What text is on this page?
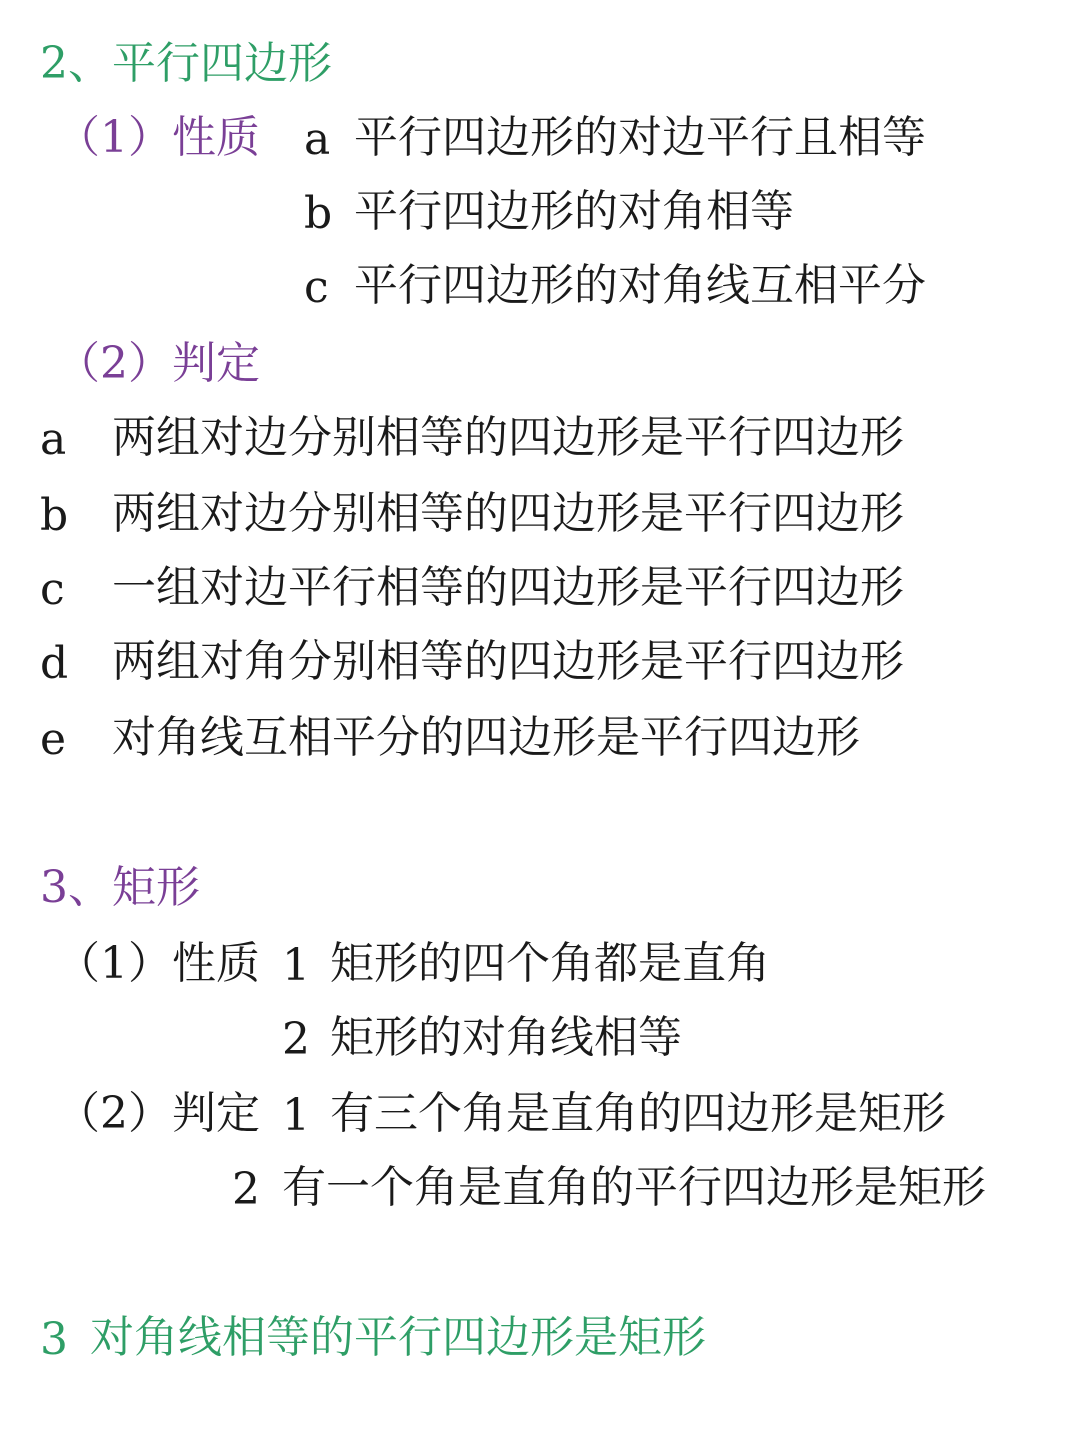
2、平行四边形
（1）性质 a 平行四边形的对边平行且相等
b 平行四边形的对角相等
c 平行四边形的对角线互相平分
（2）判定
a 两组对边分别相等的四边形是平行四边形
b 两组对边分别相等的四边形是平行四边形
c 一组对边平行相等的四边形是平行四边形
d 两组对角分别相等的四边形是平行四边形
e 对角线互相平分的四边形是平行四边形
3、矩形
（1）性质 1 矩形的四个角都是直角
2 矩形的对角线相等
（2）判定 1 有三个角是直角的四边形是矩形
2 有一个角是直角的平行四边形是矩形
3 对角线相等的平行四边形是矩形
